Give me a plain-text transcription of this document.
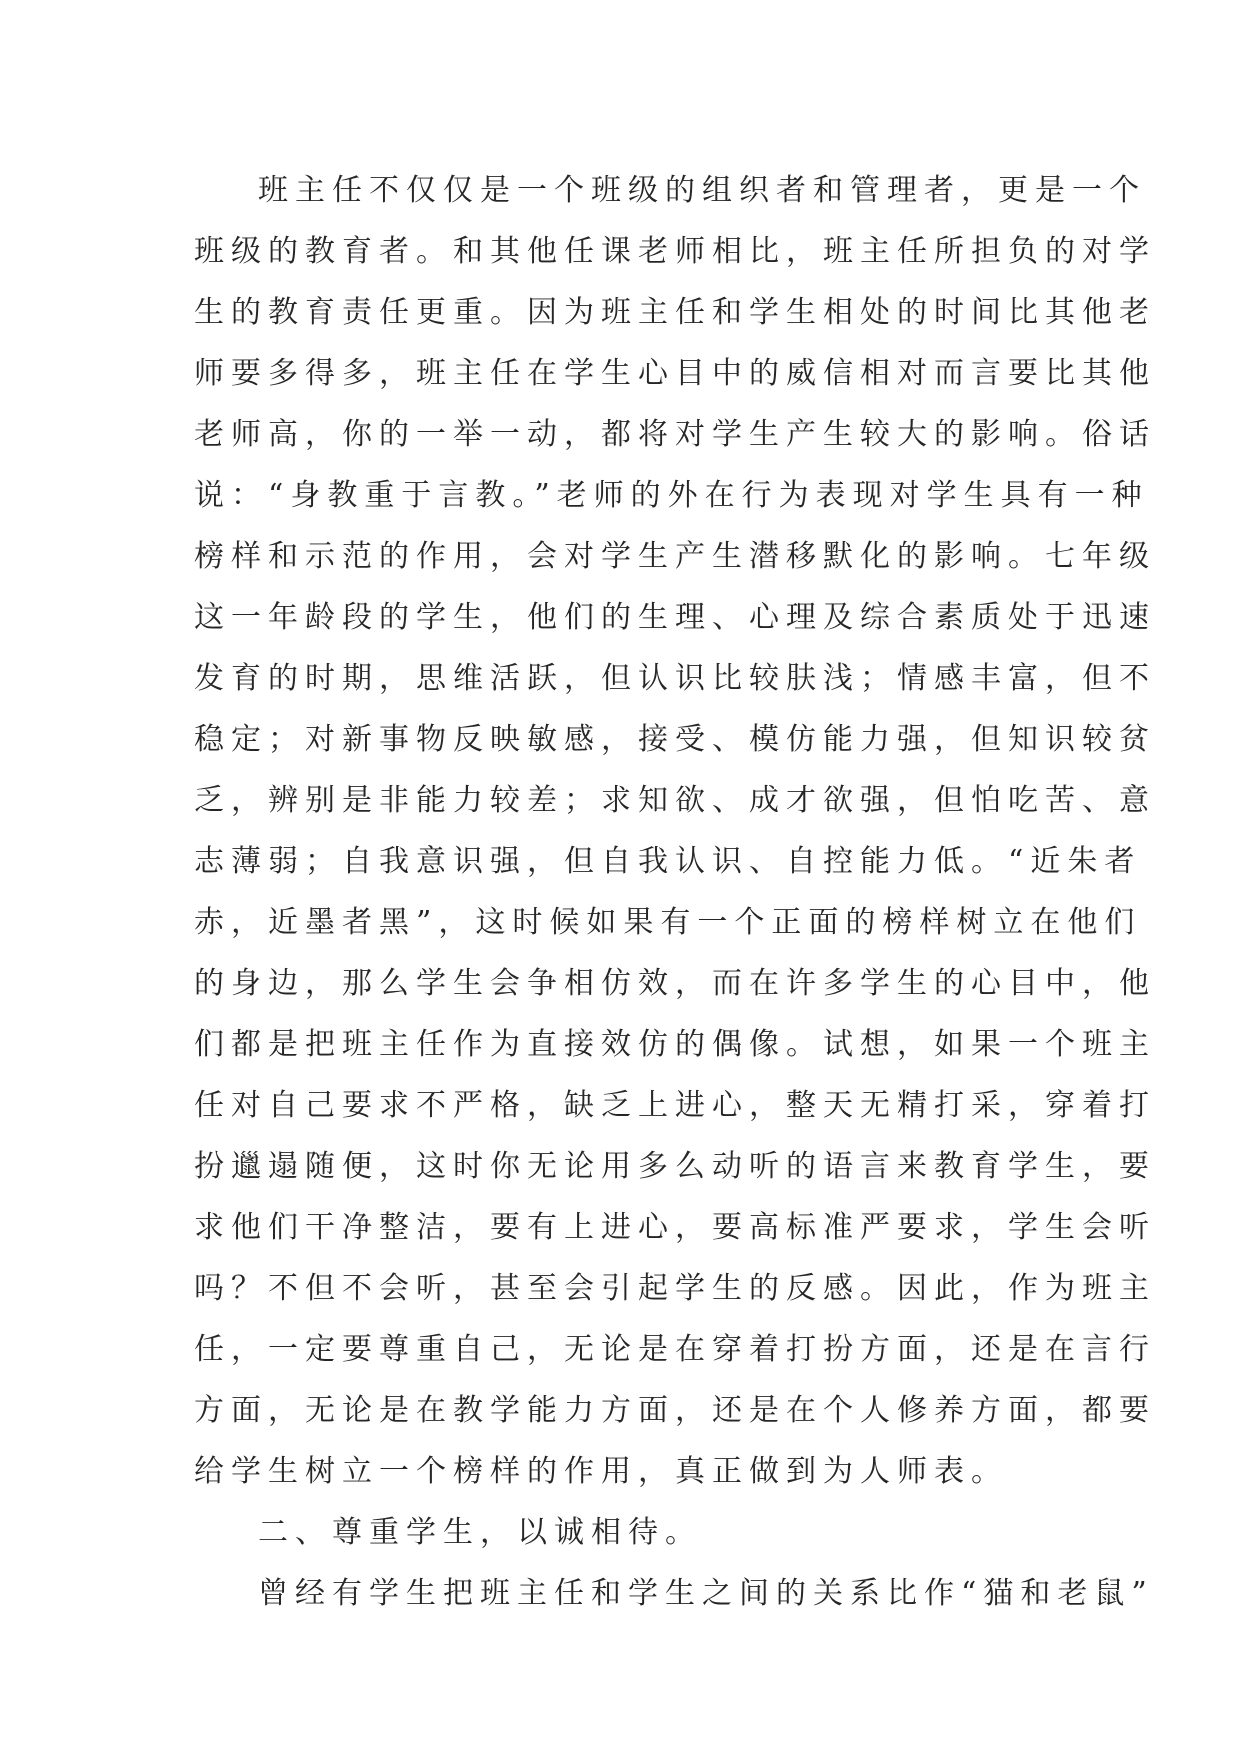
班主任不仅仅是一个班级的组织者和管理者，更是一个
班级的教育者。和其他任课老师相比，班主任所担负的对学
生的教育责任更重。因为班主任和学生相处的时间比其他老
师要多得多，班主任在学生心目中的威信相对而言要比其他
老师高，你的一举一动，都将对学生产生较大的影响。俗话
说：“身教重于言教。”老师的外在行为表现对学生具有一种
榜样和示范的作用，会对学生产生潜移默化的影响。七年级
这一年龄段的学生，他们的生理、心理及综合素质处于迅速
发育的时期，思维活跃，但认识比较肤浅；情感丰富，但不
稳定；对新事物反映敏感，接受、模仿能力强，但知识较贫
乏，辨别是非能力较差；求知欲、成才欲强，但怕吃苦、意
志薄弱；自我意识强，但自我认识、自控能力低。“近朱者
赤，近墨者黑”，这时候如果有一个正面的榜样树立在他们
的身边，那么学生会争相仿效，而在许多学生的心目中，他
们都是把班主任作为直接效仿的偶像。试想，如果一个班主
任对自己要求不严格，缺乏上进心，整天无精打采，穿着打
扮邋遢随便，这时你无论用多么动听的语言来教育学生，要
求他们干净整洁，要有上进心，要高标准严要求，学生会听
吗？不但不会听，甚至会引起学生的反感。因此，作为班主
任，一定要尊重自己，无论是在穿着打扮方面，还是在言行
方面，无论是在教学能力方面，还是在个人修养方面，都要
给学生树立一个榜样的作用，真正做到为人师表。
二、尊重学生，以诚相待。
曾经有学生把班主任和学生之间的关系比作“猫和老鼠”
